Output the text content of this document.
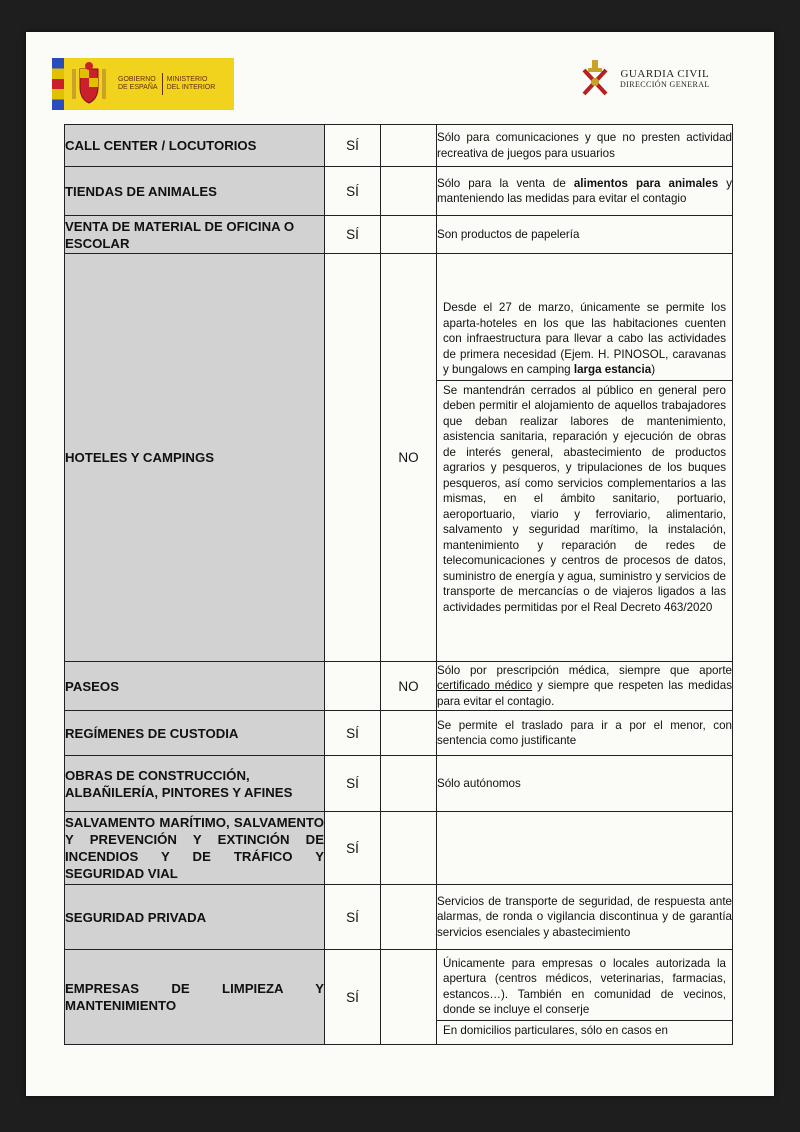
GOBIERNO
DE ESPAÑA
MINISTERIO
DEL INTERIOR
GUARDIA CIVIL
DIRECCIÓN GENERAL
CALL CENTER / LOCUTORIOS	SÍ		Sólo para comunicaciones y que no presten actividad recreativa de juegos para usuarios
TIENDAS DE ANIMALES	SÍ		Sólo para la venta de alimentos para animales y manteniendo las medidas para evitar el contagio
VENTA DE MATERIAL DE OFICINA O ESCOLAR	SÍ		Son productos de papelería
HOTELES Y CAMPINGS		NO	Desde el 27 de marzo, únicamente se permite los aparta-hoteles en los que las habitaciones cuenten con infraestructura para llevar a cabo las actividades de primera necesidad (Ejem. H. PINOSOL, caravanas y bungalows en camping larga estancia)
Se mantendrán cerrados al público en general pero deben permitir el alojamiento de aquellos trabajadores que deban realizar labores de mantenimiento, asistencia sanitaria, reparación y ejecución de obras de interés general, abastecimiento de productos agrarios y pesqueros, y tripulaciones de los buques pesqueros, así como servicios complementarios a las mismas, en el ámbito sanitario, portuario, aeroportuario, viario y ferroviario, alimentario, salvamento y seguridad marítimo, la instalación, mantenimiento y reparación de redes de telecomunicaciones y centros de procesos de datos, suministro de energía y agua, suministro y servicios de transporte de mercancías o de viajeros ligados a las actividades permitidas por el Real Decreto 463/2020

PASEOS		NO	Sólo por prescripción médica, siempre que aporte certificado médico y siempre que respeten las medidas para evitar el contagio.
REGÍMENES DE CUSTODIA	SÍ		Se permite el traslado para ir a por el menor, con sentencia como justificante
OBRAS DE CONSTRUCCIÓN, ALBAÑILERÍA, PINTORES Y AFINES	SÍ		Sólo autónomos
SALVAMENTO MARÍTIMO, SALVAMENTO Y PREVENCIÓN Y EXTINCIÓN DE INCENDIOS Y DE TRÁFICO Y SEGURIDAD VIAL	SÍ		
SEGURIDAD PRIVADA	SÍ		Servicios de transporte de seguridad, de respuesta ante alarmas, de ronda o vigilancia discontinua y de garantía servicios esenciales y abastecimiento
EMPRESAS DE LIMPIEZA Y MANTENIMIENTO	SÍ		Únicamente para empresas o locales autorizada la apertura (centros médicos, veterinarias, farmacias, estancos…). También en comunidad de vecinos, donde se incluye el conserje
En domicilios particulares, sólo en casos en
